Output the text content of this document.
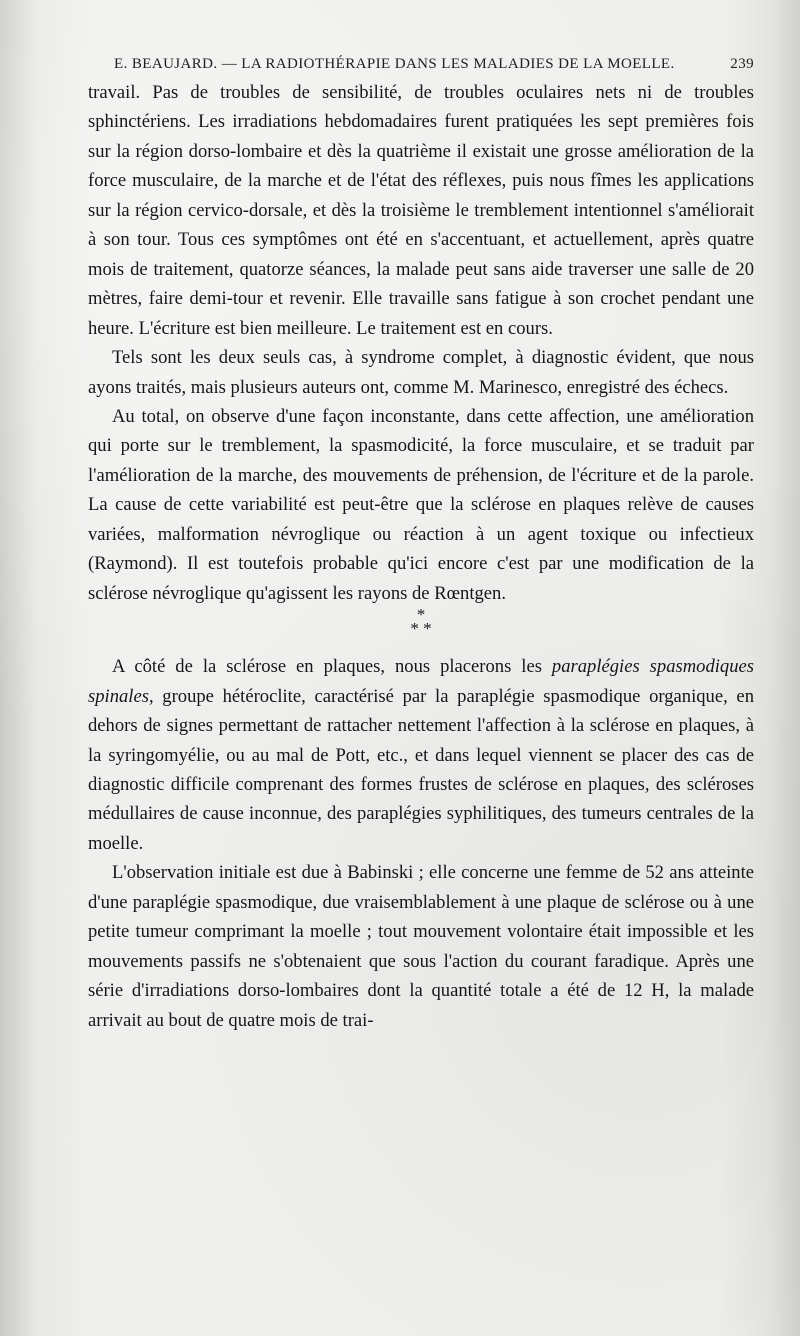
E. BEAUJARD. — LA RADIOTHÉRAPIE DANS LES MALADIES DE LA MOELLE.	239

travail. Pas de troubles de sensibilité, de troubles oculaires nets ni de troubles sphinctériens. Les irradiations hebdomadaires furent pratiquées les sept premières fois sur la région dorso-lombaire et dès la quatrième il existait une grosse amélioration de la force musculaire, de la marche et de l'état des réflexes, puis nous fîmes les applications sur la région cervico-dorsale, et dès la troisième le tremblement intentionnel s'améliorait à son tour. Tous ces symptômes ont été en s'accentuant, et actuellement, après quatre mois de traitement, quatorze séances, la malade peut sans aide traverser une salle de 20 mètres, faire demi-tour et revenir. Elle travaille sans fatigue à son crochet pendant une heure. L'écriture est bien meilleure. Le traitement est en cours.

Tels sont les deux seuls cas, à syndrome complet, à diagnostic évident, que nous ayons traités, mais plusieurs auteurs ont, comme M. Marinesco, enregistré des échecs.

Au total, on observe d'une façon inconstante, dans cette affection, une amélioration qui porte sur le tremblement, la spasmodicité, la force musculaire, et se traduit par l'amélioration de la marche, des mouvements de préhension, de l'écriture et de la parole. La cause de cette variabilité est peut-être que la sclérose en plaques relève de causes variées, malformation névroglique ou réaction à un agent toxique ou infectieux (Raymond). Il est toutefois probable qu'ici encore c'est par une modification de la sclérose névroglique qu'agissent les rayons de Rœntgen.

*
* *

A côté de la sclérose en plaques, nous placerons les paraplégies spasmodiques spinales, groupe hétéroclite, caractérisé par la paraplégie spasmodique organique, en dehors de signes permettant de rattacher nettement l'affection à la sclérose en plaques, à la syringomyélie, ou au mal de Pott, etc., et dans lequel viennent se placer des cas de diagnostic difficile comprenant des formes frustes de sclérose en plaques, des scléroses médullaires de cause inconnue, des paraplégies syphilitiques, des tumeurs centrales de la moelle.

L'observation initiale est due à Babinski ; elle concerne une femme de 52 ans atteinte d'une paraplégie spasmodique, due vraisemblablement à une plaque de sclérose ou à une petite tumeur comprimant la moelle ; tout mouvement volontaire était impossible et les mouvements passifs ne s'obtenaient que sous l'action du courant faradique. Après une série d'irradiations dorso-lombaires dont la quantité totale a été de 12 H, la malade arrivait au bout de quatre mois de trai-
